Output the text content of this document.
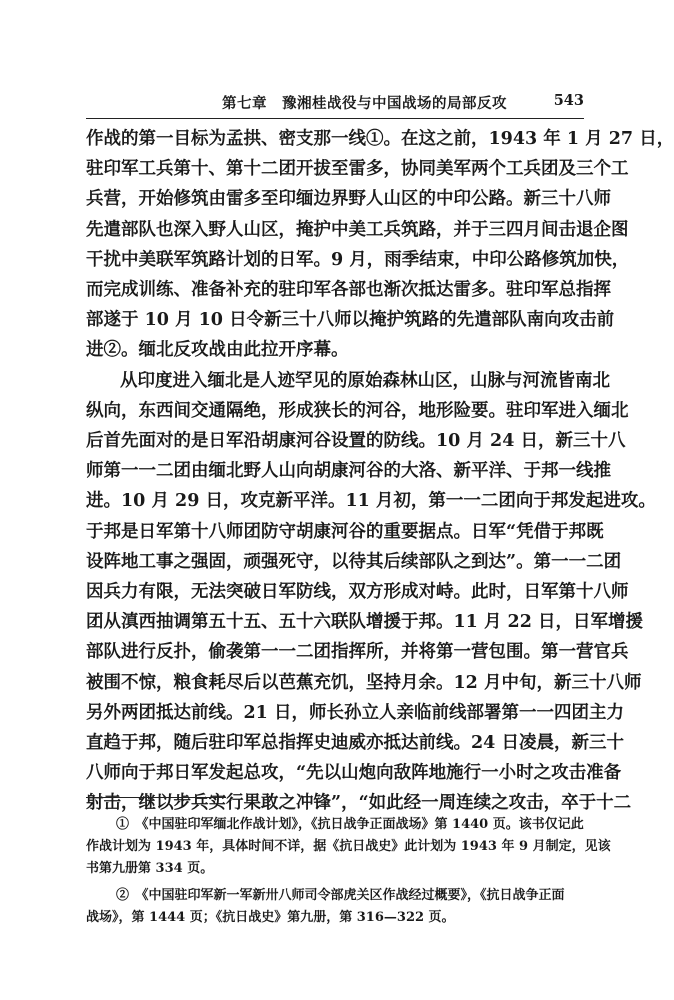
第七章　豫湘桂战役与中国战场的局部反攻	543
作战的第一目标为孟拱、密支那一线①。在这之前，1943 年 1 月 27 日，
驻印军工兵第十、第十二团开拔至雷多，协同美军两个工兵团及三个工
兵营，开始修筑由雷多至印缅边界野人山区的中印公路。新三十八师
先遣部队也深入野人山区，掩护中美工兵筑路，并于三四月间击退企图
干扰中美联军筑路计划的日军。9 月，雨季结束，中印公路修筑加快，
而完成训练、准备补充的驻印军各部也渐次抵达雷多。驻印军总指挥
部遂于 10 月 10 日令新三十八师以掩护筑路的先遣部队南向攻击前
进②。缅北反攻战由此拉开序幕。
从印度进入缅北是人迹罕见的原始森林山区，山脉与河流皆南北
纵向，东西间交通隔绝，形成狭长的河谷，地形险要。驻印军进入缅北
后首先面对的是日军沿胡康河谷设置的防线。10 月 24 日，新三十八
师第一一二团由缅北野人山向胡康河谷的大洛、新平洋、于邦一线推
进。10 月 29 日，攻克新平洋。11 月初，第一一二团向于邦发起进攻。
于邦是日军第十八师团防守胡康河谷的重要据点。日军“凭借于邦既
设阵地工事之强固，顽强死守，以待其后续部队之到达”。第一一二团
因兵力有限，无法突破日军防线，双方形成对峙。此时，日军第十八师
团从滇西抽调第五十五、五十六联队增援于邦。11 月 22 日，日军增援
部队进行反扑，偷袭第一一二团指挥所，并将第一营包围。第一营官兵
被围不惊，粮食耗尽后以芭蕉充饥，坚持月余。12 月中旬，新三十八师
另外两团抵达前线。21 日，师长孙立人亲临前线部署第一一四团主力
直趋于邦，随后驻印军总指挥史迪威亦抵达前线。24 日凌晨，新三十
八师向于邦日军发起总攻，“先以山炮向敌阵地施行一小时之攻击准备
射击，继以步兵实行果敢之冲锋”，“如此经一周连续之攻击，卒于十二
①　《中国驻印军缅北作战计划》，《抗日战争正面战场》第 1440 页。该书仅记此
作战计划为 1943 年，具体时间不详，据《抗日战史》此计划为 1943 年 9 月制定，见该
书第九册第 334 页。
②　《中国驻印军新一军新卅八师司令部虎关区作战经过概要》，《抗日战争正面
战场》，第 1444 页；《抗日战史》第九册，第 316—322 页。
